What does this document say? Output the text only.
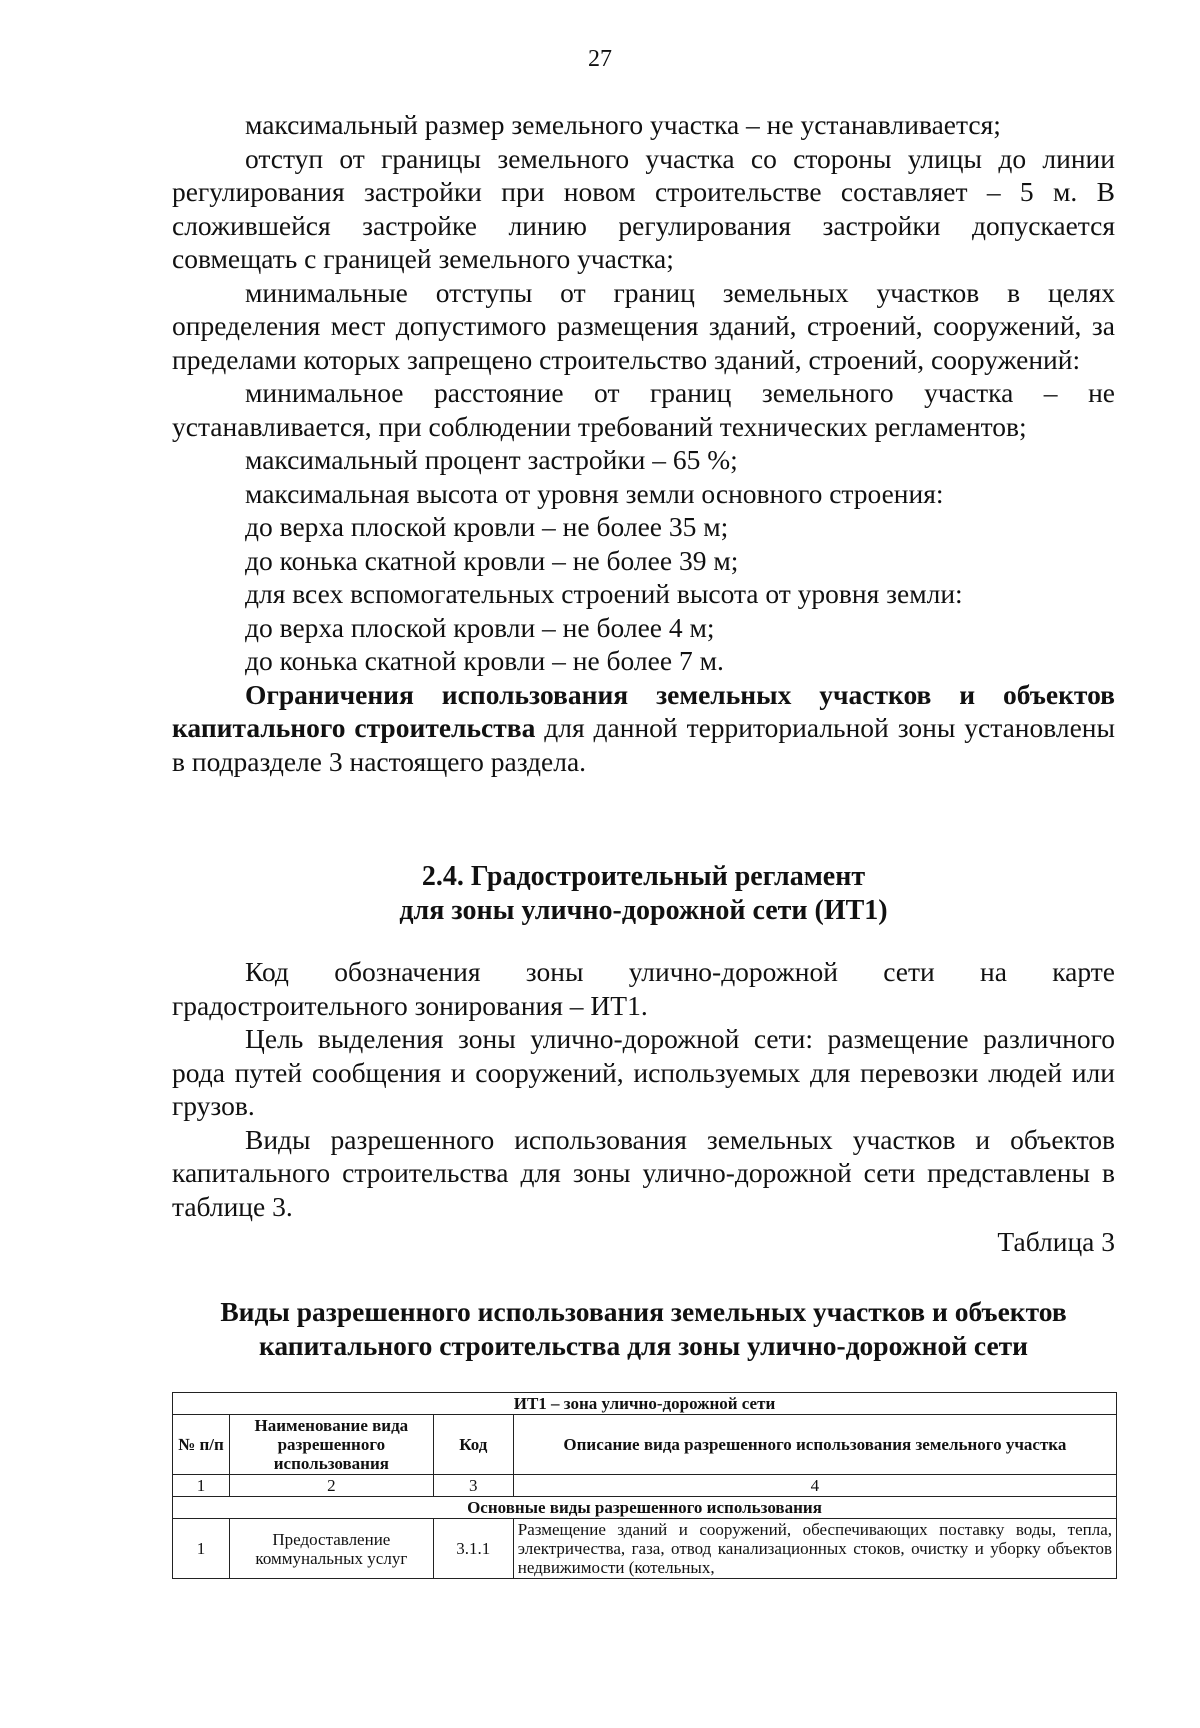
27

максимальный размер земельного участка – не устанавливается;

отступ от границы земельного участка со стороны улицы до линии регулирования застройки при новом строительстве составляет – 5 м. В сложившейся застройке линию регулирования застройки допускается совмещать с границей земельного участка;

минимальные отступы от границ земельных участков в целях определения мест допустимого размещения зданий, строений, сооружений, за пределами которых запрещено строительство зданий, строений, сооружений:

минимальное расстояние от границ земельного участка – не устанавливается, при соблюдении требований технических регламентов;

максимальный процент застройки – 65 %;

максимальная высота от уровня земли основного строения:

до верха плоской кровли – не более 35 м;

до конька скатной кровли – не более 39 м;

для всех вспомогательных строений высота от уровня земли:

до верха плоской кровли – не более 4 м;

до конька скатной кровли – не более 7 м.

Ограничения использования земельных участков и объектов капитального строительства для данной территориальной зоны установлены в подразделе 3 настоящего раздела.

2.4. Градостроительный регламент
для зоны улично-дорожной сети (ИТ1)

Код обозначения зоны улично-дорожной сети на карте градостроительного зонирования – ИТ1.

Цель выделения зоны улично-дорожной сети: размещение различного рода путей сообщения и сооружений, используемых для перевозки людей или грузов.

Виды разрешенного использования земельных участков и объектов капитального строительства для зоны улично-дорожной сети представлены в таблице 3.

Таблица 3
Виды разрешенного использования земельных участков и объектов
капитального строительства для зоны улично-дорожной сети
ИТ1 – зона улично-дорожной сети			
№ п/п	Наименование вида разрешенного использования	Код	Описание вида разрешенного использования земельного участка
1	2	3	4
Основные виды разрешенного использования			
1	Предоставление коммунальных услуг	3.1.1	Размещение зданий и сооружений, обеспечивающих поставку воды, тепла, электричества, газа, отвод канализационных стоков, очистку и уборку объектов недвижимости (котельных,
